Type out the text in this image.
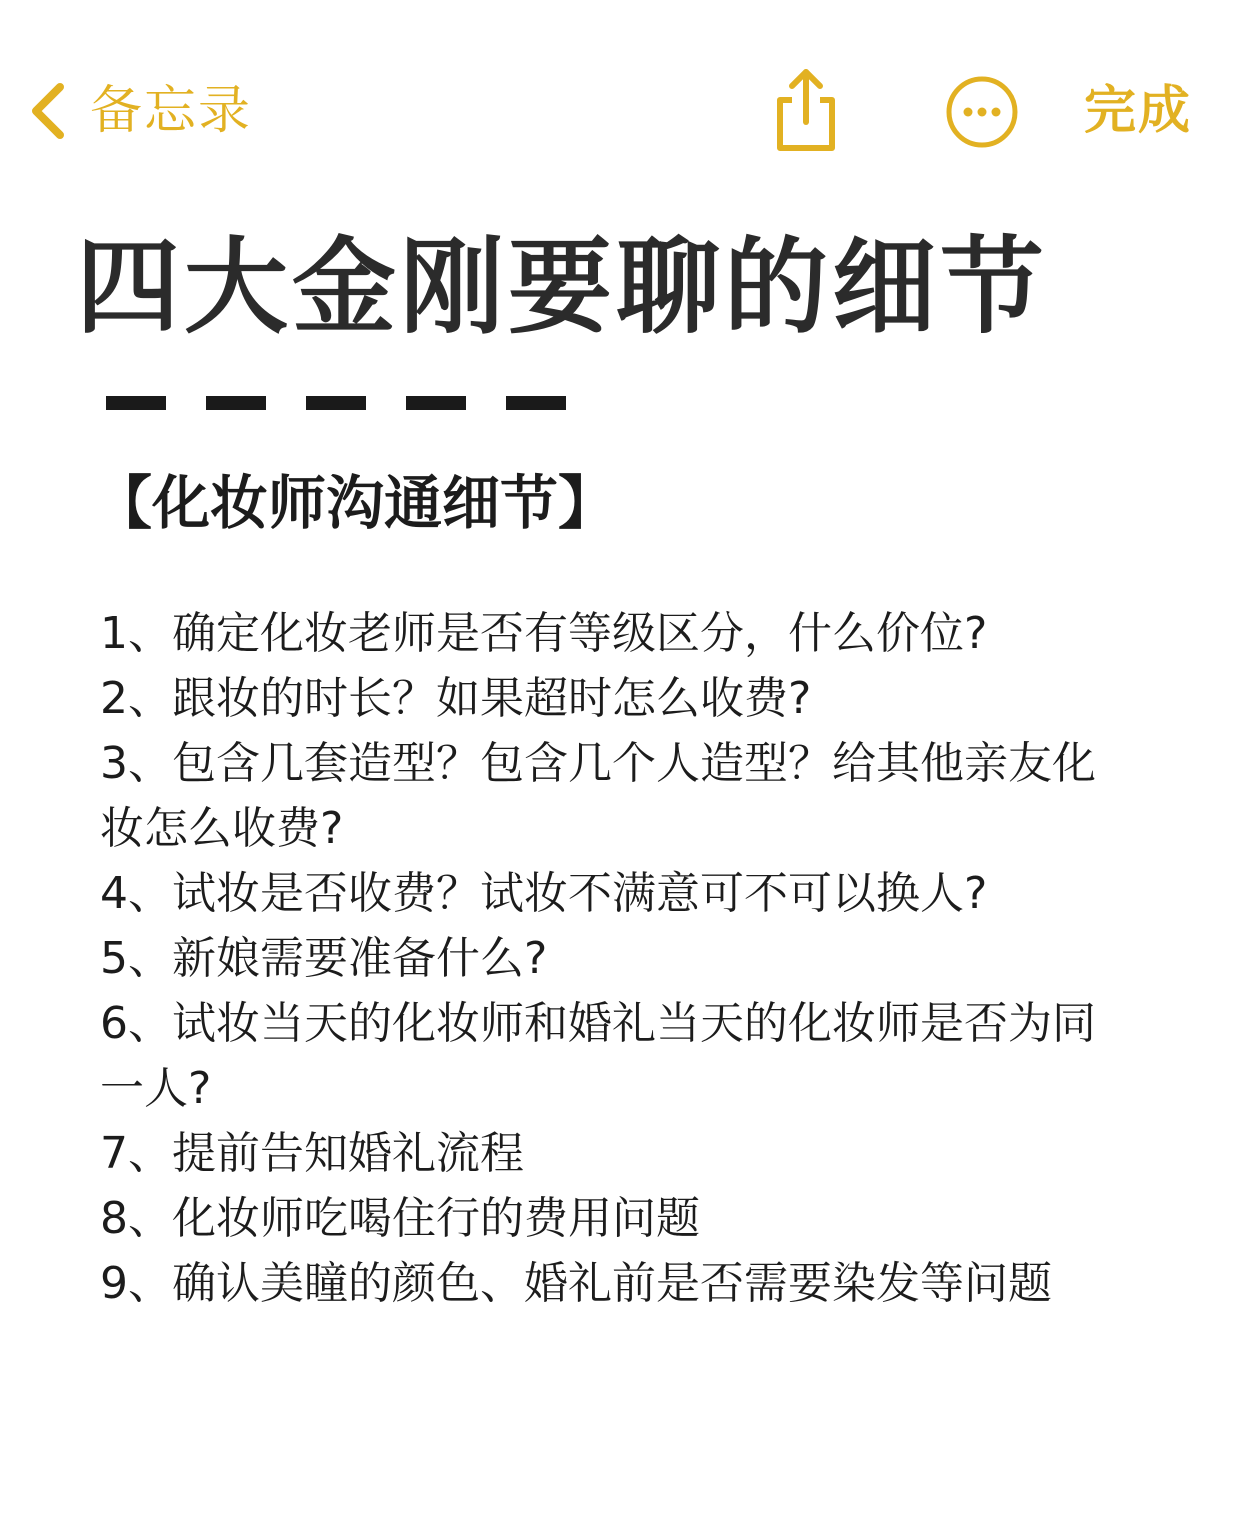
备忘录	完成
四大金刚要聊的细节
【化妆师沟通细节】
1、确定化妆老师是否有等级区分，什么价位?
2、跟妆的时长？如果超时怎么收费?
3、包含几套造型？包含几个人造型？给其他亲友化
妆怎么收费?
4、试妆是否收费？试妆不满意可不可以换人?
5、新娘需要准备什么?
6、试妆当天的化妆师和婚礼当天的化妆师是否为同
一人?
7、提前告知婚礼流程
8、化妆师吃喝住行的费用问题
9、确认美瞳的颜色、婚礼前是否需要染发等问题
